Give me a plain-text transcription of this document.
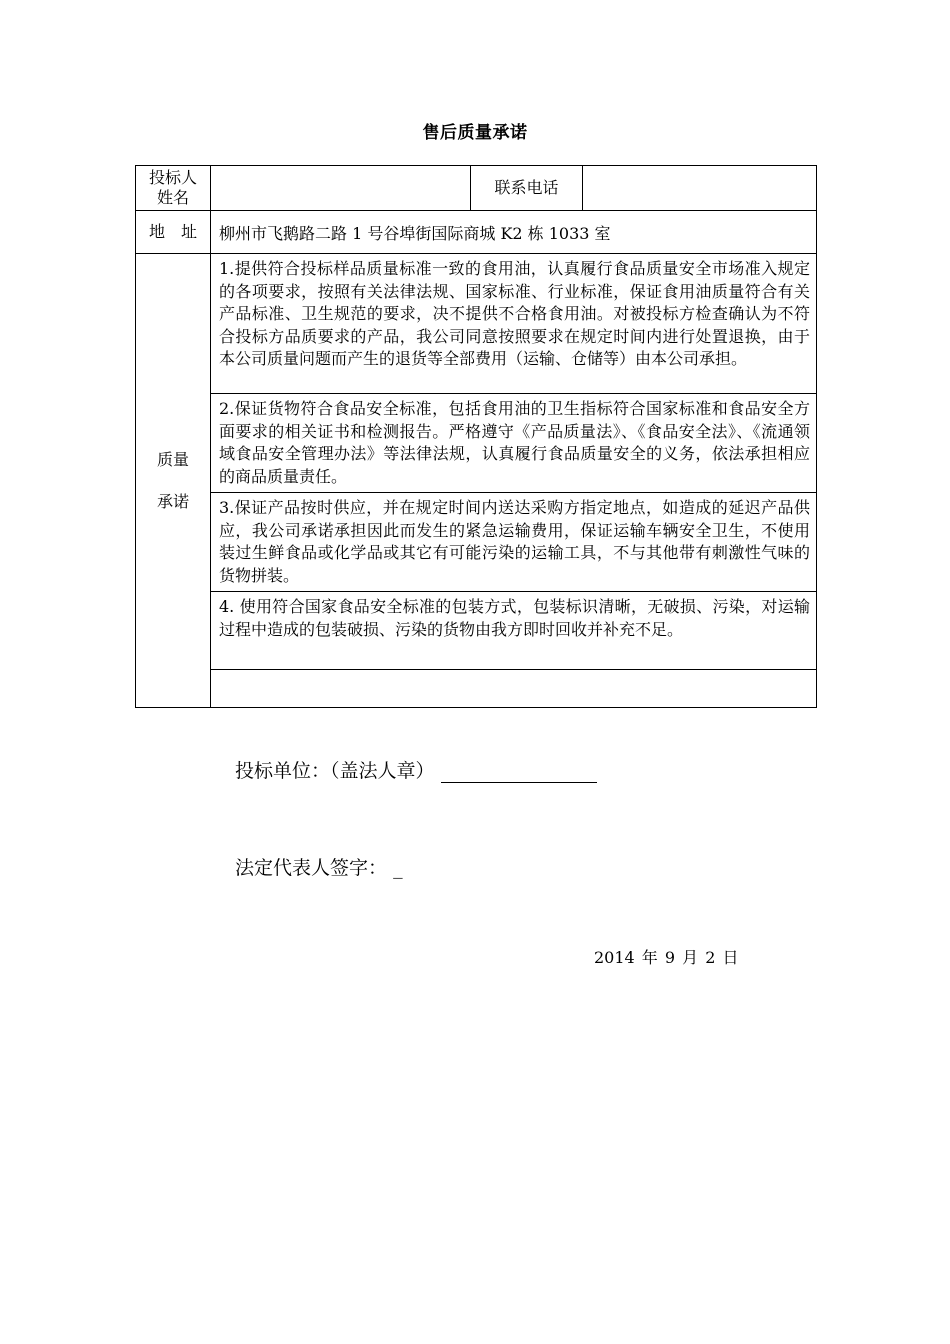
售后质量承诺
投标人
姓名		联系电话	
地　址	柳州市飞鹅路二路 1 号谷埠街国际商城 K2 栋 1033 室		

质量
承诺	1.提供符合投标样品质量标准一致的食用油，认真履行食品质量安全市场准入规定的各项要求，按照有关法律法规、国家标准、行业标准，保证食用油质量符合有关产品标准、卫生规范的要求，决不提供不合格食用油。对被投标方检查确认为不符合投标方品质要求的产品，我公司同意按照要求在规定时间内进行处置退换，由于本公司质量问题而产生的退货等全部费用（运输、仓储等）由本公司承担。		
	2.保证货物符合食品安全标准，包括食用油的卫生指标符合国家标准和食品安全方面要求的相关证书和检测报告。严格遵守《产品质量法》、《食品安全法》、《流通领域食品安全管理办法》等法律法规，认真履行食品质量安全的义务，依法承担相应的商品质量责任。		
	3.保证产品按时供应，并在规定时间内送达采购方指定地点，如造成的延迟产品供应，我公司承诺承担因此而发生的紧急运输费用，保证运输车辆安全卫生，不使用装过生鲜食品或化学品或其它有可能污染的运输工具，不与其他带有刺激性气味的货物拼装。		
	4. 使用符合国家食品安全标准的包装方式，包装标识清晰，无破损、污染，对运输过程中造成的包装破损、污染的货物由我方即时回收并补充不足。		

投标单位：（盖法人章）
法定代表人签字： _
2014 年 9 月 2 日
